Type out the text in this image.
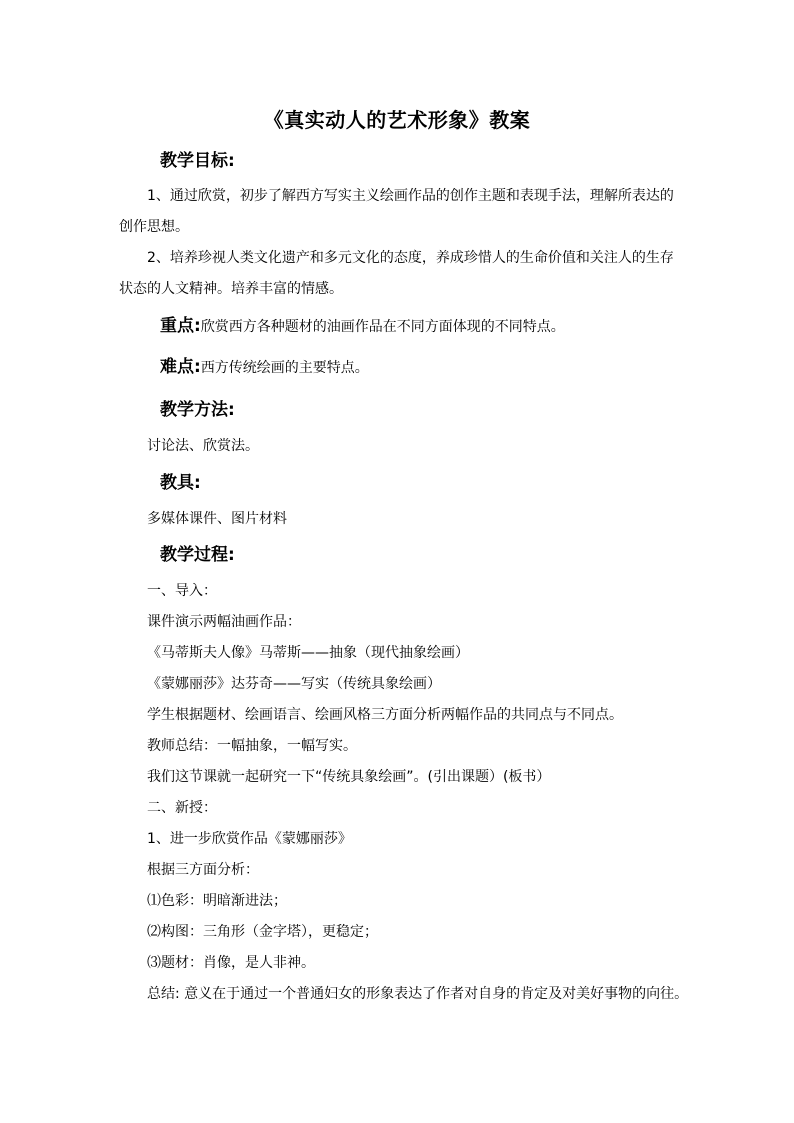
《真实动人的艺术形象》教案
教学目标:
1、通过欣赏，初步了解西方写实主义绘画作品的创作主题和表现手法，理解所表达的
创作思想。
2、培养珍视人类文化遗产和多元文化的态度，养成珍惜人的生命价值和关注人的生存
状态的人文精神。培养丰富的情感。
重点:欣赏西方各种题材的油画作品在不同方面体现的不同特点。
难点:西方传统绘画的主要特点。
教学方法:
讨论法、欣赏法。
教具:
多媒体课件、图片材料
教学过程:
一、导入：
课件演示两幅油画作品：
《马蒂斯夫人像》马蒂斯——抽象（现代抽象绘画）
《蒙娜丽莎》达芬奇——写实（传统具象绘画）
学生根据题材、绘画语言、绘画风格三方面分析两幅作品的共同点与不同点。
教师总结：一幅抽象，一幅写实。
我们这节课就一起研究一下“传统具象绘画”。(引出课题）(板书）
二、新授：
1、进一步欣赏作品《蒙娜丽莎》
根据三方面分析：
⑴色彩：明暗渐进法；
⑵构图：三角形（金字塔），更稳定；
⑶题材：肖像，是人非神。
总结: 意义在于通过一个普通妇女的形象表达了作者对自身的肯定及对美好事物的向往。
